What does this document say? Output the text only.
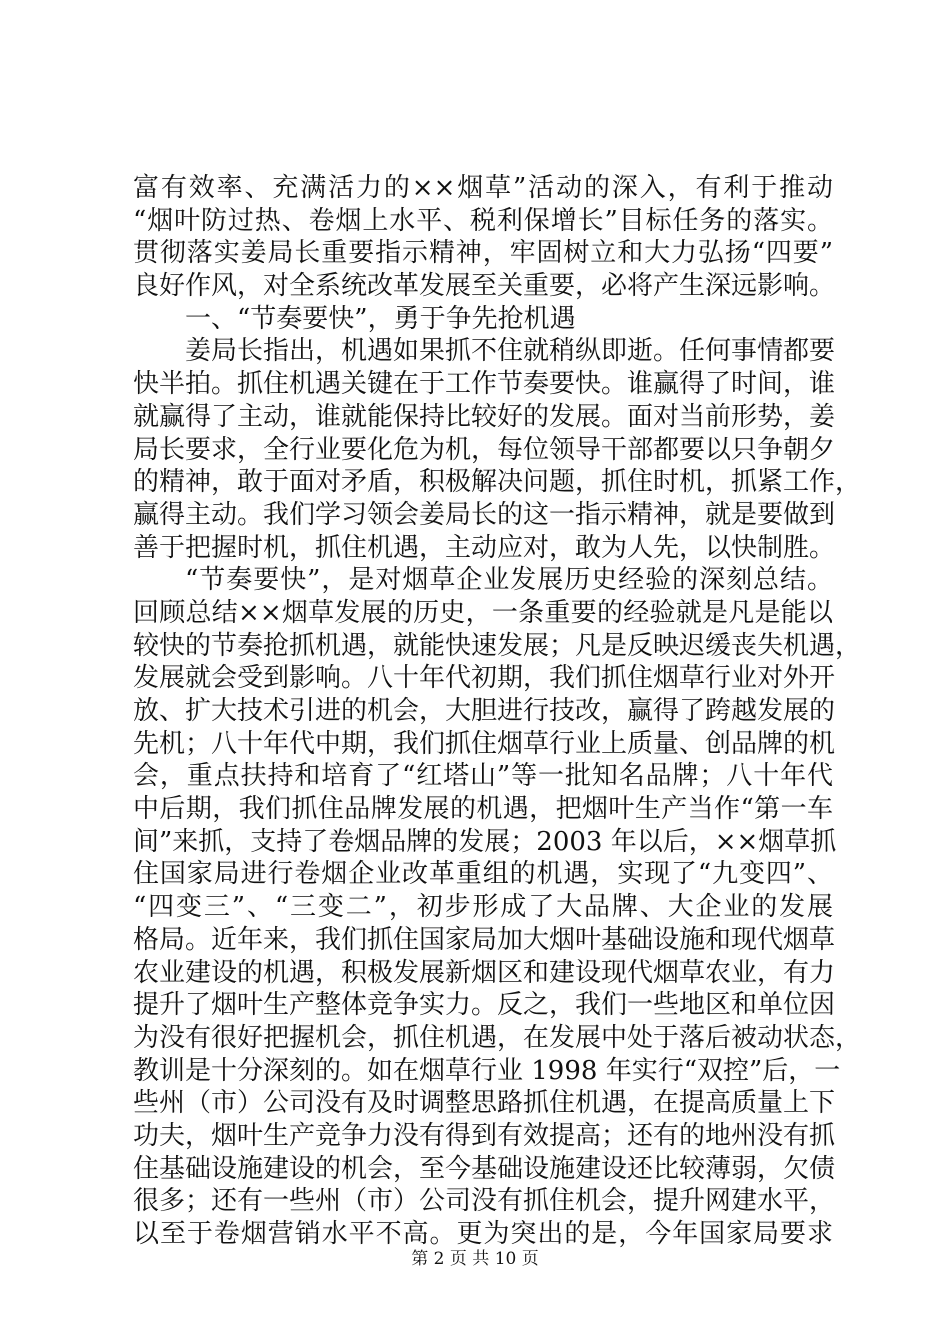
富有效率、充满活力的××烟草”活动的深入，有利于推动
“烟叶防过热、卷烟上水平、税利保增长”目标任务的落实。
贯彻落实姜局长重要指示精神，牢固树立和大力弘扬“四要”
良好作风，对全系统改革发展至关重要，必将产生深远影响。
一、“节奏要快”，勇于争先抢机遇
姜局长指出，机遇如果抓不住就稍纵即逝。任何事情都要
快半拍。抓住机遇关键在于工作节奏要快。谁赢得了时间，谁
就赢得了主动，谁就能保持比较好的发展。面对当前形势，姜
局长要求，全行业要化危为机，每位领导干部都要以只争朝夕
的精神，敢于面对矛盾，积极解决问题，抓住时机，抓紧工作，
赢得主动。我们学习领会姜局长的这一指示精神，就是要做到
善于把握时机，抓住机遇，主动应对，敢为人先，以快制胜。
“节奏要快”，是对烟草企业发展历史经验的深刻总结。
回顾总结××烟草发展的历史，一条重要的经验就是凡是能以
较快的节奏抢抓机遇，就能快速发展；凡是反映迟缓丧失机遇，
发展就会受到影响。八十年代初期，我们抓住烟草行业对外开
放、扩大技术引进的机会，大胆进行技改，赢得了跨越发展的
先机；八十年代中期，我们抓住烟草行业上质量、创品牌的机
会，重点扶持和培育了“红塔山”等一批知名品牌；八十年代
中后期，我们抓住品牌发展的机遇，把烟叶生产当作“第一车
间”来抓，支持了卷烟品牌的发展；2003 年以后，××烟草抓
住国家局进行卷烟企业改革重组的机遇，实现了“九变四”、
“四变三”、“三变二”，初步形成了大品牌、大企业的发展
格局。近年来，我们抓住国家局加大烟叶基础设施和现代烟草
农业建设的机遇，积极发展新烟区和建设现代烟草农业，有力
提升了烟叶生产整体竞争实力。反之，我们一些地区和单位因
为没有很好把握机会，抓住机遇，在发展中处于落后被动状态，
教训是十分深刻的。如在烟草行业 1998 年实行“双控”后，一
些州（市）公司没有及时调整思路抓住机遇，在提高质量上下
功夫，烟叶生产竞争力没有得到有效提高；还有的地州没有抓
住基础设施建设的机会，至今基础设施建设还比较薄弱，欠债
很多；还有一些州（市）公司没有抓住机会，提升网建水平，
以至于卷烟营销水平不高。更为突出的是，今年国家局要求
第 2 页 共 10 页
